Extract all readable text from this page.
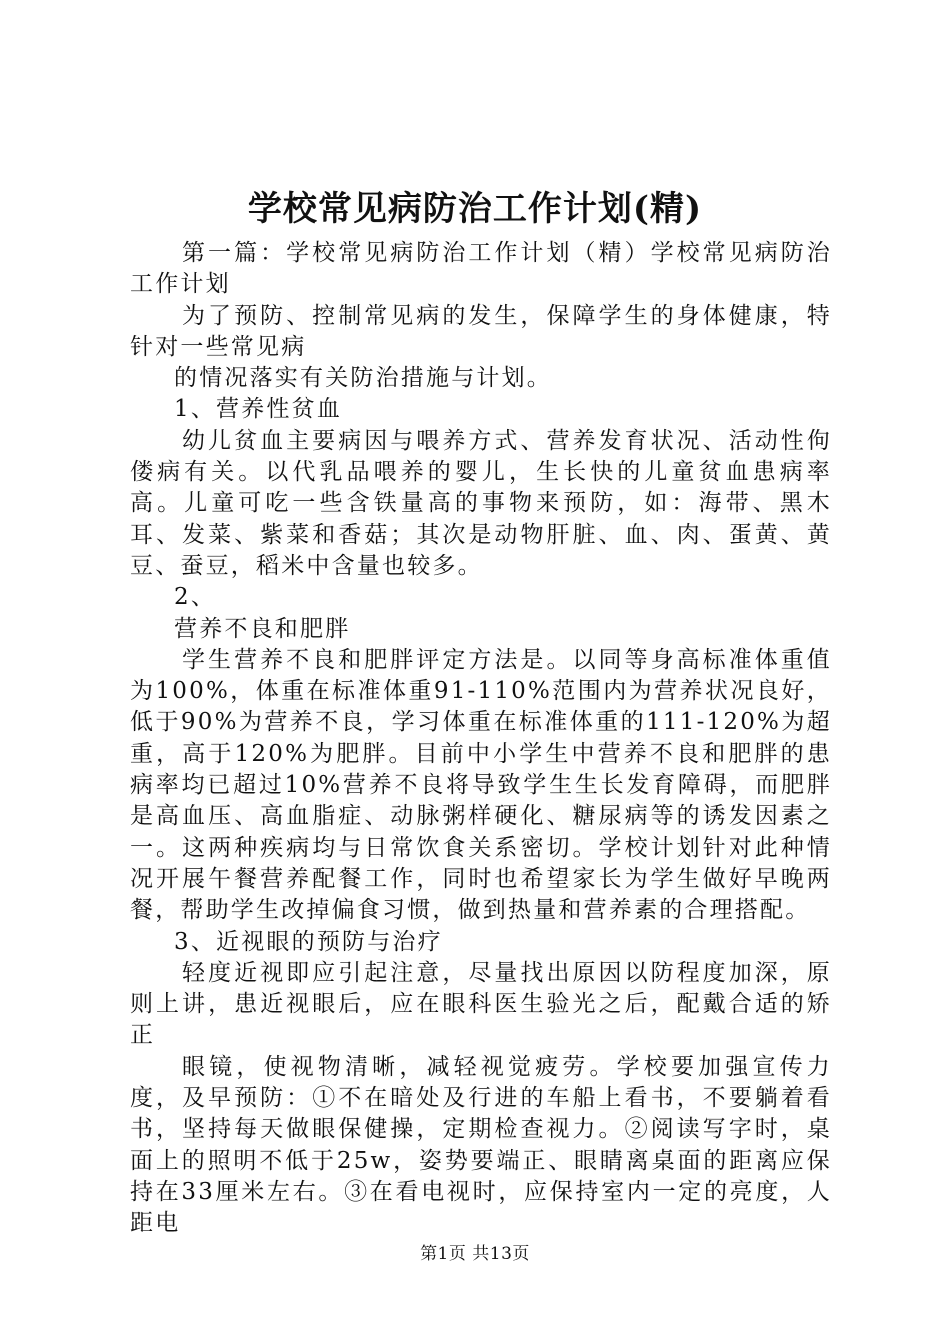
学校常见病防治工作计划(精)

第一篇：学校常见病防治工作计划（精）学校常见病防治工作计划

为了预防、控制常见病的发生，保障学生的身体健康，特针对一些常见病

的情况落实有关防治措施与计划。

1、营养性贫血

幼儿贫血主要病因与喂养方式、营养发育状况、活动性佝偻病有关。以代乳品喂养的婴儿，生长快的儿童贫血患病率高。儿童可吃一些含铁量高的事物来预防，如：海带、黑木耳、发菜、紫菜和香菇；其次是动物肝脏、血、肉、蛋黄、黄豆、蚕豆，稻米中含量也较多。

2、

营养不良和肥胖

学生营养不良和肥胖评定方法是。以同等身高标准体重值为100%，体重在标准体重91-110%范围内为营养状况良好，低于90%为营养不良，学习体重在标准体重的111-120%为超重，高于120%为肥胖。目前中小学生中营养不良和肥胖的患病率均已超过10%营养不良将导致学生生长发育障碍，而肥胖是高血压、高血脂症、动脉粥样硬化、糖尿病等的诱发因素之一。这两种疾病均与日常饮食关系密切。学校计划针对此种情况开展午餐营养配餐工作，同时也希望家长为学生做好早晚两餐，帮助学生改掉偏食习惯，做到热量和营养素的合理搭配。

3、近视眼的预防与治疗

轻度近视即应引起注意，尽量找出原因以防程度加深，原则上讲，患近视眼后，应在眼科医生验光之后，配戴合适的矫正

眼镜，使视物清晰，减轻视觉疲劳。学校要加强宣传力度，及早预防：①不在暗处及行进的车船上看书，不要躺着看书，坚持每天做眼保健操，定期检查视力。②阅读写字时，桌面上的照明不低于25w，姿势要端正、眼睛离桌面的距离应保持在33厘米左右。③在看电视时，应保持室内一定的亮度，人距电

第1页 共13页
